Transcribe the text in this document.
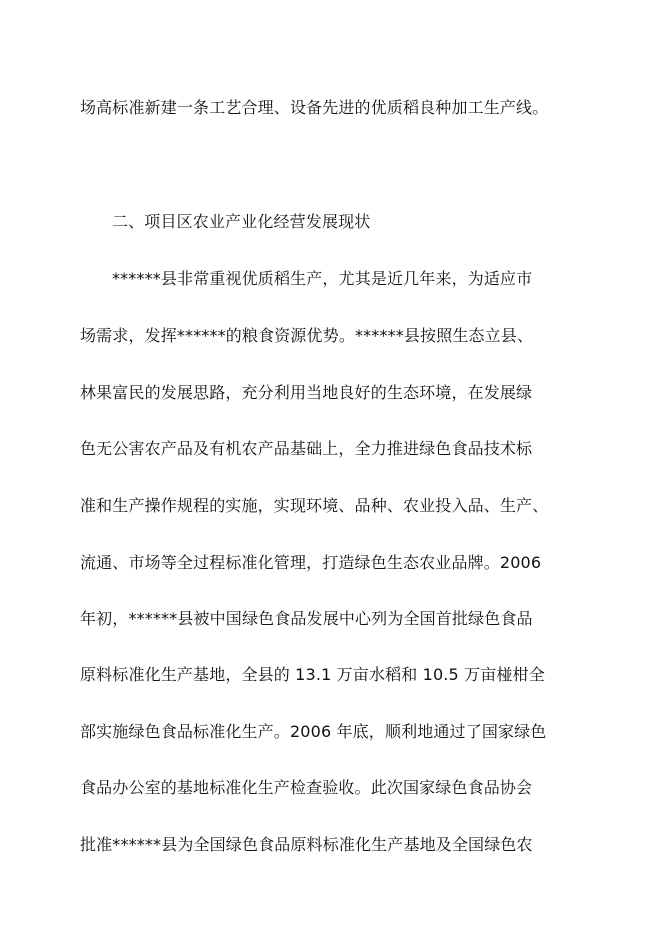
场高标准新建一条工艺合理、设备先进的优质稻良种加工生产线。

二、项目区农业产业化经营发展现状

******县非常重视优质稻生产，尤其是近几年来，为适应市

场需求，发挥******的粮食资源优势。******县按照生态立县、

林果富民的发展思路，充分利用当地良好的生态环境，在发展绿

色无公害农产品及有机农产品基础上，全力推进绿色食品技术标

准和生产操作规程的实施，实现环境、品种、农业投入品、生产、

流通、市场等全过程标准化管理，打造绿色生态农业品牌。2006

年初，******县被中国绿色食品发展中心列为全国首批绿色食品

原料标准化生产基地，全县的 13.1 万亩水稻和 10.5 万亩椪柑全

部实施绿色食品标准化生产。2006 年底，顺利地通过了国家绿色

食品办公室的基地标准化生产检查验收。此次国家绿色食品协会

批准******县为全国绿色食品原料标准化生产基地及全国绿色农
